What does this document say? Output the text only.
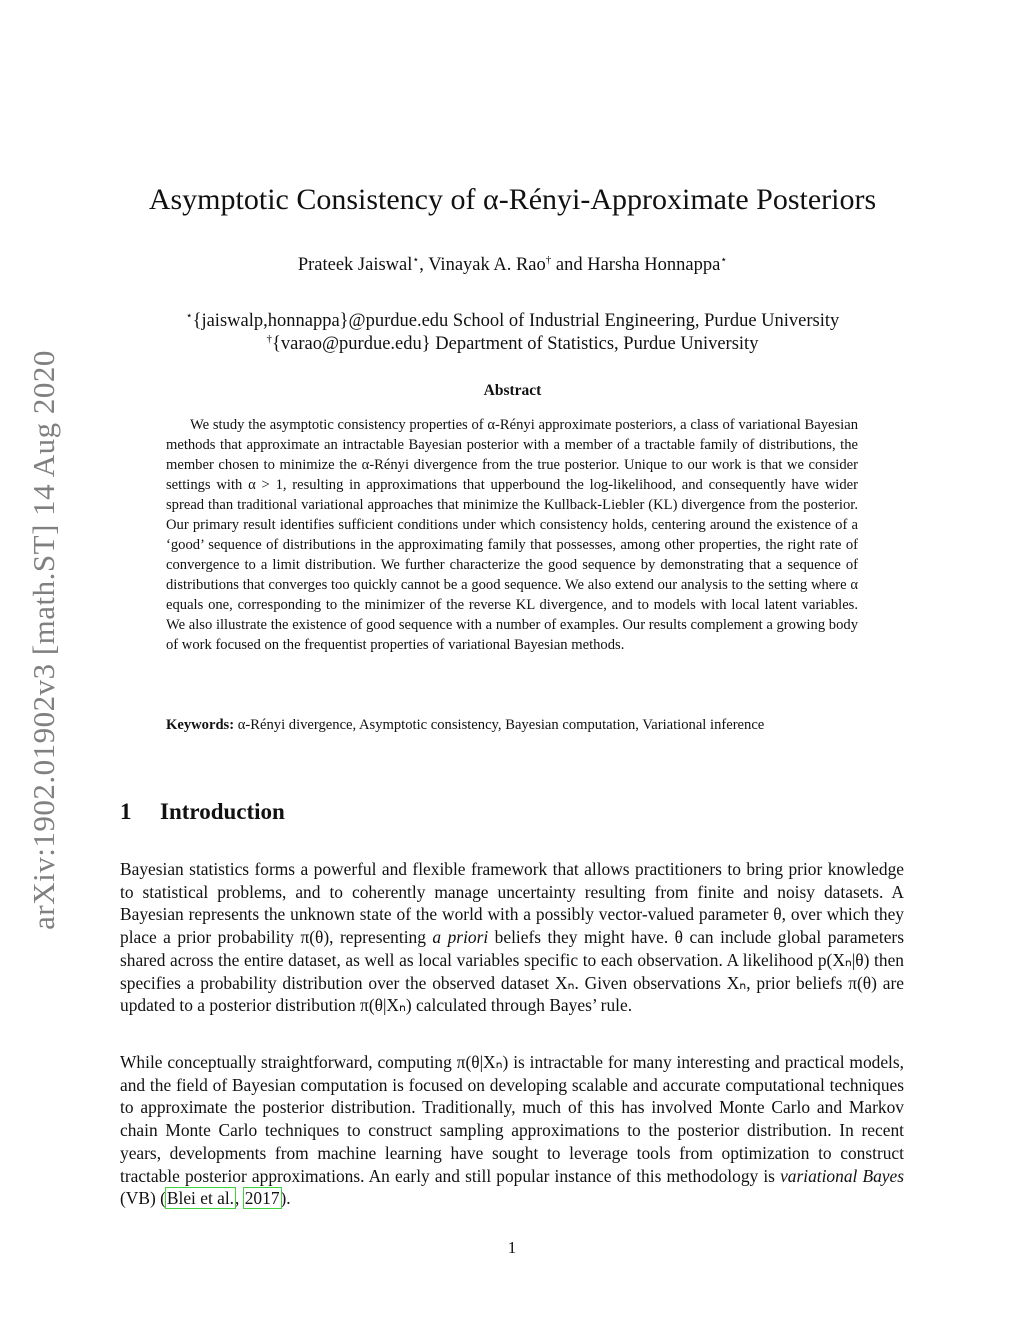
arXiv:1902.01902v3 [math.ST] 14 Aug 2020
Asymptotic Consistency of α-Rényi-Approximate Posteriors
Prateek Jaiswal⋆, Vinayak A. Rao† and Harsha Honnappa⋆
⋆{jaiswalp,honnappa}@purdue.edu School of Industrial Engineering, Purdue University
†{varao@purdue.edu} Department of Statistics, Purdue University
Abstract
We study the asymptotic consistency properties of α-Rényi approximate posteriors, a class of variational Bayesian methods that approximate an intractable Bayesian posterior with a member of a tractable family of distributions, the member chosen to minimize the α-Rényi divergence from the true posterior. Unique to our work is that we consider settings with α > 1, resulting in approximations that upperbound the log-likelihood, and consequently have wider spread than traditional variational approaches that minimize the Kullback-Liebler (KL) divergence from the posterior. Our primary result identifies sufficient conditions under which consistency holds, centering around the existence of a ‘good’ sequence of distributions in the approximating family that possesses, among other properties, the right rate of convergence to a limit distribution. We further characterize the good sequence by demonstrating that a sequence of distributions that converges too quickly cannot be a good sequence. We also extend our analysis to the setting where α equals one, corresponding to the minimizer of the reverse KL divergence, and to models with local latent variables. We also illustrate the existence of good sequence with a number of examples. Our results complement a growing body of work focused on the frequentist properties of variational Bayesian methods.
Keywords: α-Rényi divergence, Asymptotic consistency, Bayesian computation, Variational inference
1 Introduction
Bayesian statistics forms a powerful and flexible framework that allows practitioners to bring prior knowledge to statistical problems, and to coherently manage uncertainty resulting from finite and noisy datasets. A Bayesian represents the unknown state of the world with a possibly vector-valued parameter θ, over which they place a prior probability π(θ), representing a priori beliefs they might have. θ can include global parameters shared across the entire dataset, as well as local variables specific to each observation. A likelihood p(Xₙ|θ) then specifies a probability distribution over the observed dataset Xₙ. Given observations Xₙ, prior beliefs π(θ) are updated to a posterior distribution π(θ|Xₙ) calculated through Bayes’ rule.
While conceptually straightforward, computing π(θ|Xₙ) is intractable for many interesting and practical models, and the field of Bayesian computation is focused on developing scalable and accurate computational techniques to approximate the posterior distribution. Traditionally, much of this has involved Monte Carlo and Markov chain Monte Carlo techniques to construct sampling approximations to the posterior distribution. In recent years, developments from machine learning have sought to leverage tools from optimization to construct tractable posterior approximations. An early and still popular instance of this methodology is variational Bayes (VB) (Blei et al., 2017).
1
